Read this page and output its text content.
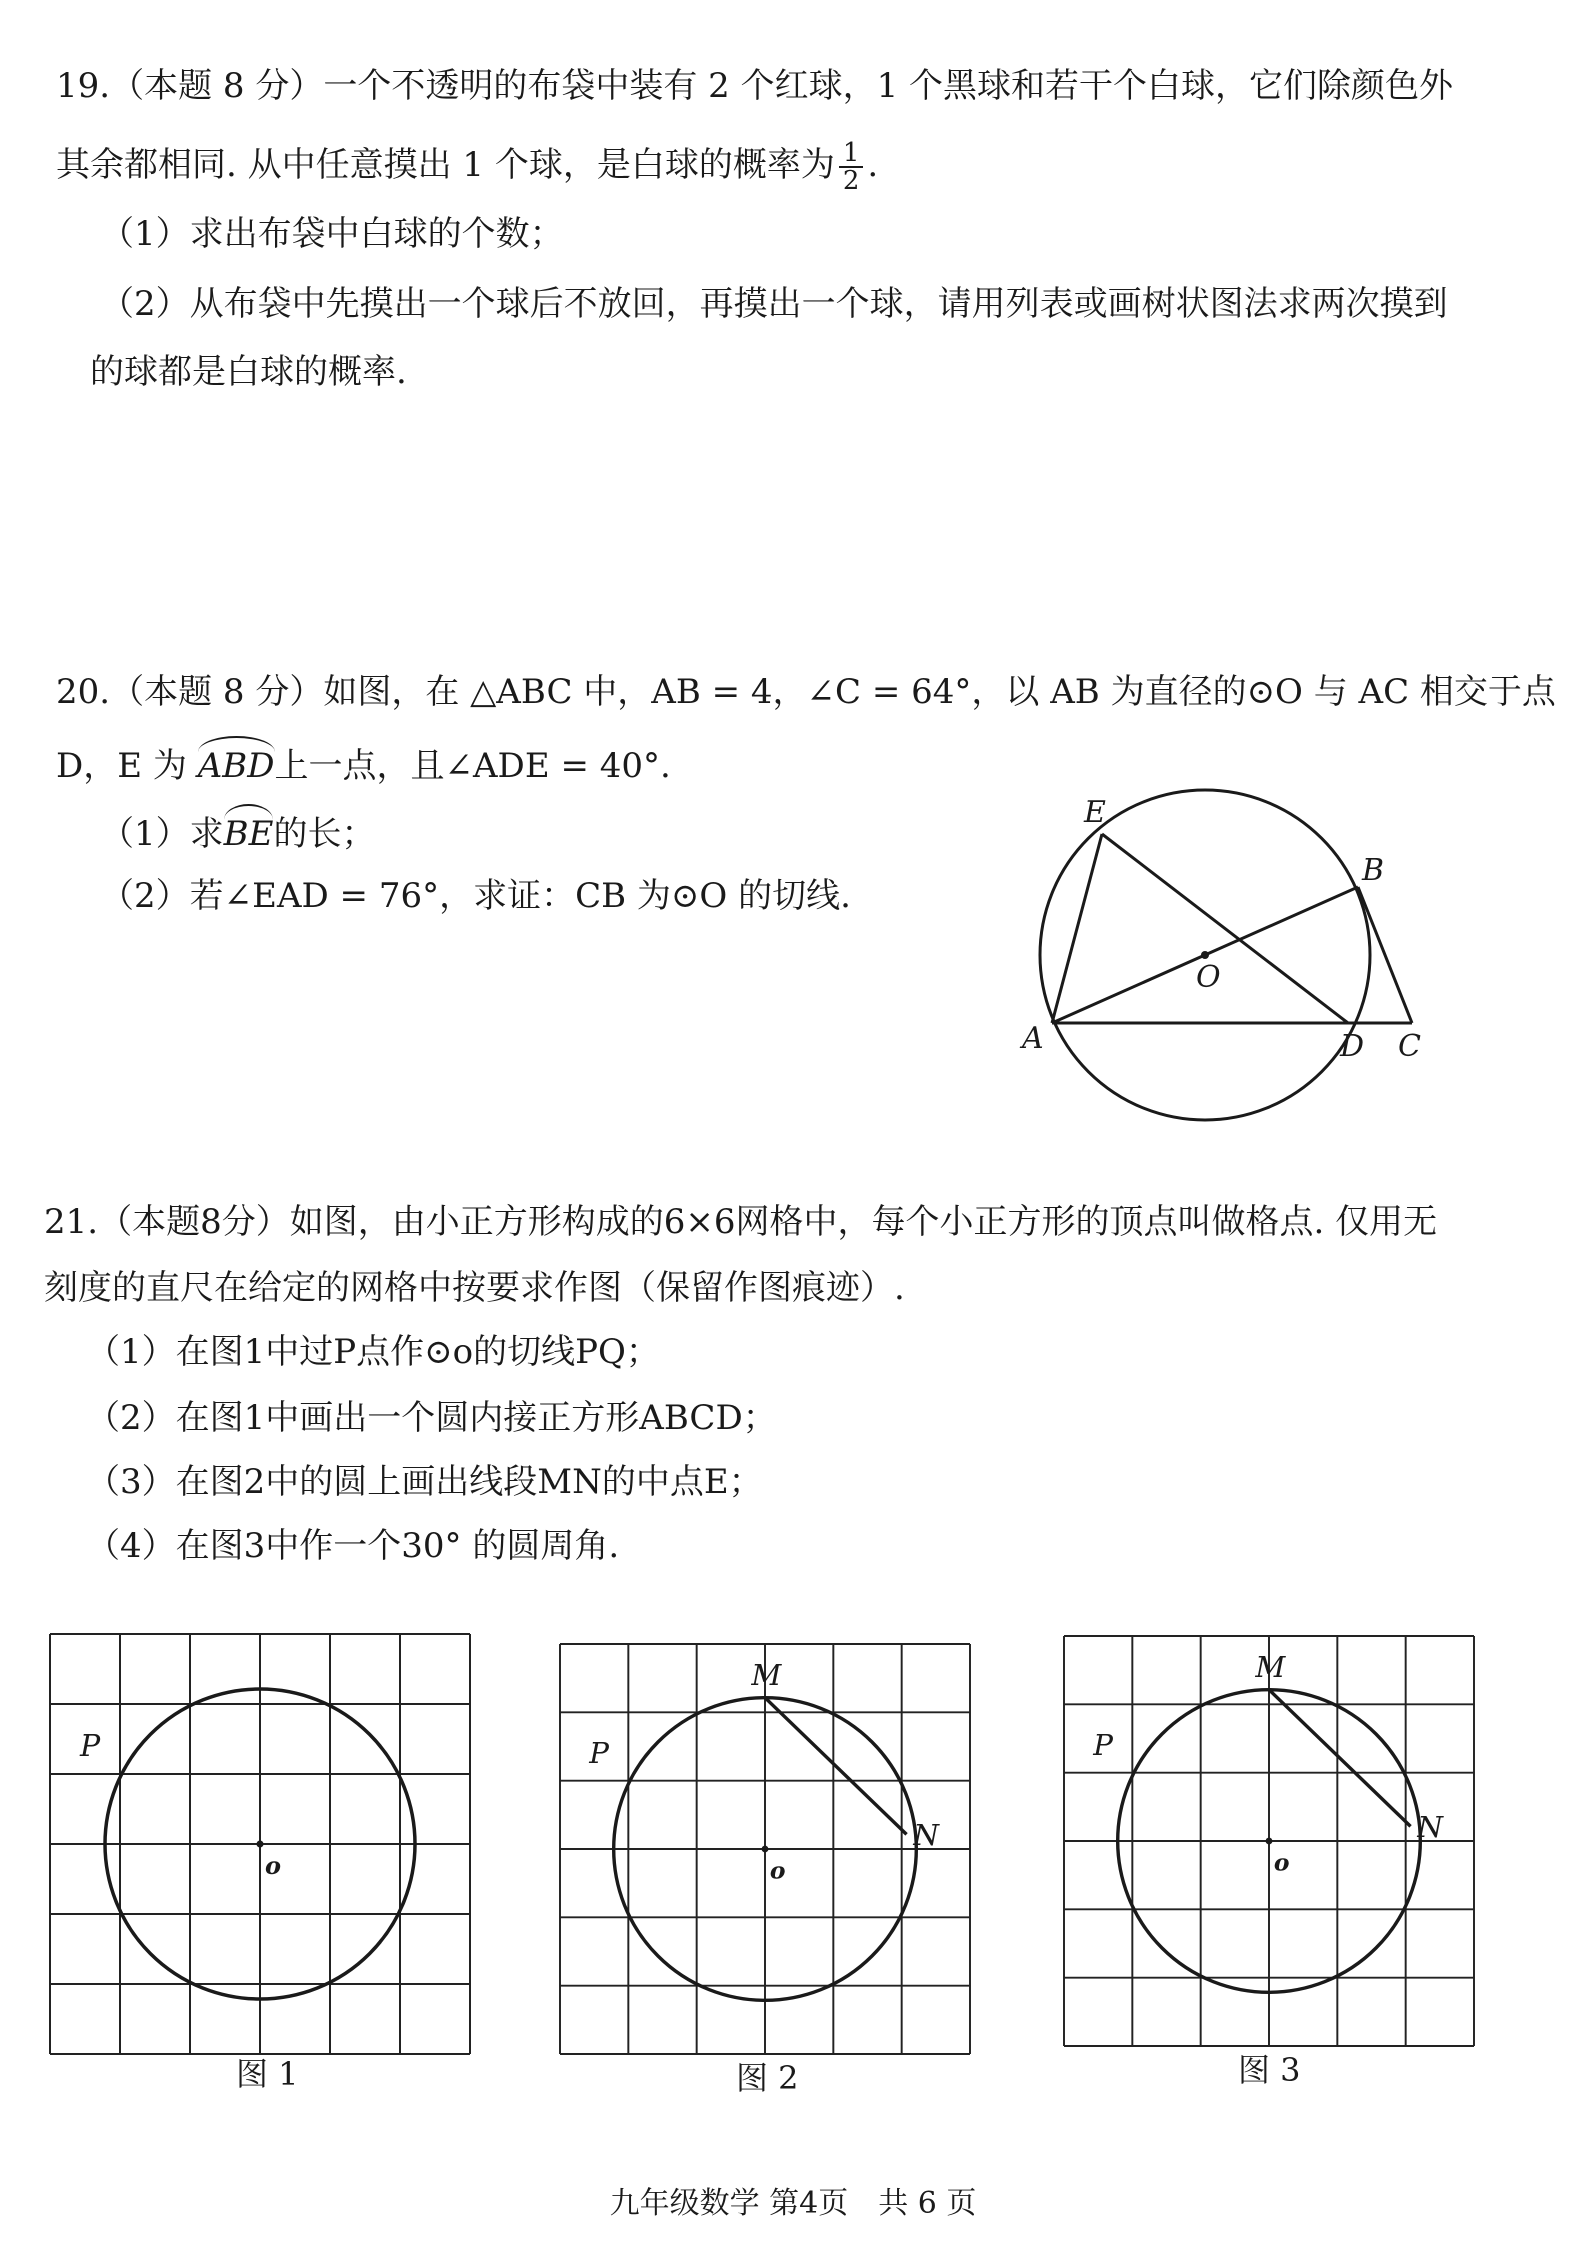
19.（本题 8 分）一个不透明的布袋中装有 2 个红球，1 个黑球和若干个白球，它们除颜色外
其余都相同. 从中任意摸出 1 个球，是白球的概率为 $\frac{1}{2}$ .
（1）求出布袋中白球的个数；
（2）从布袋中先摸出一个球后不放回，再摸出一个球，请用列表或画树状图法求两次摸到
的球都是白球的概率.
20.（本题 8 分）如图，在 △ABC 中，AB = 4，∠C = 64°，以 AB 为直径的⊙O 与 AC 相交于点
D，E 为 ABD上一点，且∠ADE = 40°.
（1）求BE的长；
（2）若∠EAD = 76°，求证：CB 为⊙O 的切线.
E
B
O
A	D C
21.（本题8分）如图，由小正方形构成的6×6网格中，每个小正方形的顶点叫做格点. 仅用无
刻度的直尺在给定的网格中按要求作图（保留作图痕迹）.
（1）在图1中过P点作⊙o的切线PQ；
（2）在图1中画出一个圆内接正方形ABCD；
（3）在图2中的圆上画出线段MN的中点E；
（4）在图3中作一个30° 的圆周角.
P
o
图 1
M
N
P
o
图 2
M
N
P
o
图 3
九年级数学 第4页　共 6 页
